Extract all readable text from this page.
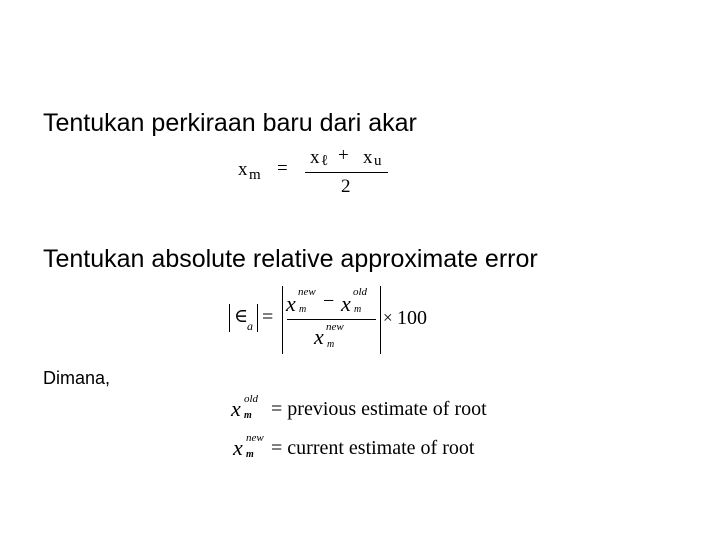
Tentukan perkiraan baru dari akar
Tentukan absolute relative approximate error
Dimana,
x m =
x ℓ + x u
2
∈
a =
x new
m − x old
m
x new
m
× 100
x old
m = previous estimate of root
x new
m = current estimate of root
